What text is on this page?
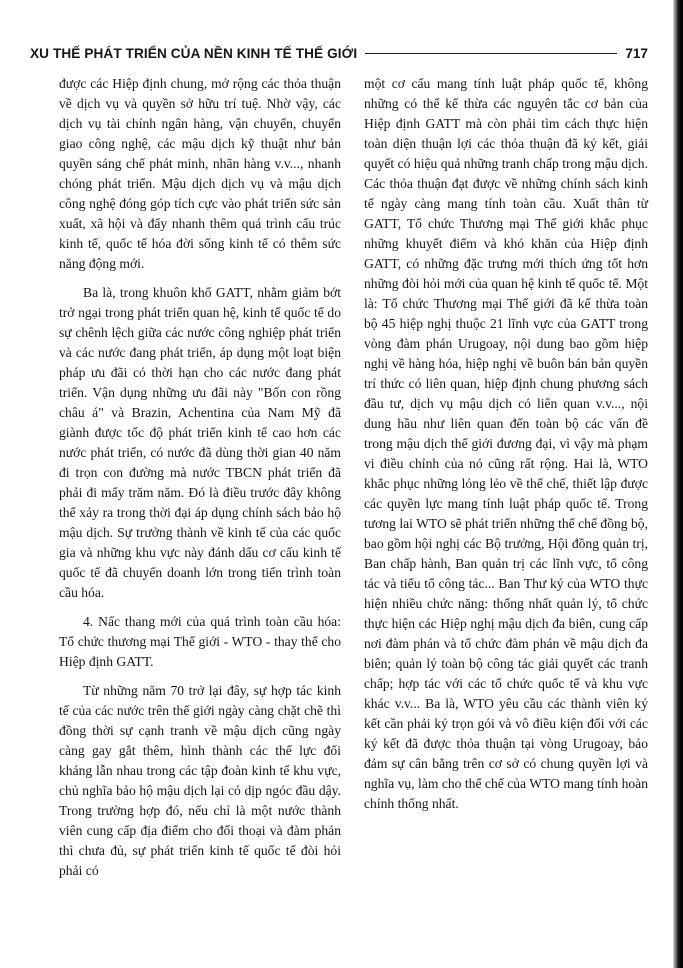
XU THẾ PHÁT TRIỂN CỦA NỀN KINH TẾ THẾ GIỚI	717

được các Hiệp định chung, mở rộng các thỏa thuận về dịch vụ và quyền sở hữu trí tuệ. Nhờ vậy, các dịch vụ tài chính ngân hàng, vận chuyển, chuyển giao công nghệ, các mậu dịch kỹ thuật như bản quyền sáng chế phát minh, nhãn hàng v.v..., nhanh chóng phát triển. Mậu dịch dịch vụ và mậu dịch công nghệ đóng góp tích cực vào phát triển sức sản xuất, xã hội và đẩy nhanh thêm quá trình cấu trúc kinh tế, quốc tế hóa đời sống kinh tế có thêm sức năng động mới.

Ba là, trong khuôn khổ GATT, nhằm giảm bớt trở ngại trong phát triển quan hệ, kinh tế quốc tế do sự chênh lệch giữa các nước công nghiệp phát triển và các nước đang phát triển, áp dụng một loạt biện pháp ưu đãi có thời hạn cho các nước đang phát triển. Vận dụng những ưu đãi này "Bốn con rồng châu á" và Brazin, Achentina của Nam Mỹ đã giành được tốc độ phát triển kinh tế cao hơn các nước phát triển, có nước đã dùng thời gian 40 năm đi trọn con đường mà nước TBCN phát triển đã phải đi mấy trăm năm. Đó là điều trước đây không thể xảy ra trong thời đại áp dụng chính sách bảo hộ mậu dịch. Sự trưởng thành về kinh tế của các quốc gia và những khu vực này đánh dấu cơ cấu kinh tế quốc tế đã chuyển doanh lớn trong tiến trình toàn cầu hóa.

4. Nấc thang mới của quá trình toàn cầu hóa: Tổ chức thương mại Thế giới - WTO - thay thế cho Hiệp định GATT.

Từ những năm 70 trở lại đây, sự hợp tác kinh tế của các nước trên thế giới ngày càng chặt chẽ thì đồng thời sự cạnh tranh về mậu dịch cũng ngày càng gay gắt thêm, hình thành các thế lực đối kháng lẫn nhau trong các tập đoàn kinh tế khu vực, chủ nghĩa bảo hộ mậu dịch lại có dịp ngóc đầu dậy. Trong trường hợp đó, nếu chỉ là một nước thành viên cung cấp địa điểm cho đối thoại và đàm phán thì chưa đủ, sự phát triển kinh tế quốc tế đòi hỏi phải có

một cơ cấu mang tính luật pháp quốc tế, không những có thể kế thừa các nguyên tắc cơ bản của Hiệp định GATT mà còn phải tìm cách thực hiện toàn diện thuận lợi các thỏa thuận đã ký kết, giải quyết có hiệu quả những tranh chấp trong mậu dịch. Các thỏa thuận đạt được về những chính sách kinh tế ngày càng mang tính toàn cầu. Xuất thân từ GATT, Tổ chức Thương mại Thế giới khắc phục những khuyết điểm và khó khăn của Hiệp định GATT, có những đặc trưng mới thích ứng tốt hơn những đòi hỏi mới của quan hệ kinh tế quốc tế. Một là: Tổ chức Thương mại Thế giới đã kế thừa toàn bộ 45 hiệp nghị thuộc 21 lĩnh vực của GATT trong vòng đàm phán Urugoay, nội dung bao gồm hiệp nghị về hàng hóa, hiệp nghị về buôn bán bản quyền trí thức có liên quan, hiệp định chung phương sách đầu tư, dịch vụ mậu dịch có liên quan v.v..., nội dung hầu như liên quan đến toàn bộ các vấn đề trong mậu dịch thế giới đương đại, vì vậy mà phạm vi điều chỉnh của nó cũng rất rộng. Hai là, WTO khắc phục những lỏng lẻo về thể chế, thiết lập được các quyền lực mang tính luật pháp quốc tế. Trong tương lai WTO sẽ phát triển những thể chế đồng bộ, bao gồm hội nghị các Bộ trưởng, Hội đồng quản trị, Ban chấp hành, Ban quản trị các lĩnh vực, tổ công tác và tiểu tổ công tác... Ban Thư ký của WTO thực hiện nhiều chức năng: thống nhất quản lý, tổ chức thực hiện các Hiệp nghị mậu dịch đa biên, cung cấp nơi đàm phán và tổ chức đàm phán về mậu dịch đa biên; quản lý toàn bộ công tác giải quyết các tranh chấp; hợp tác với các tổ chức quốc tế và khu vực khác v.v... Ba là, WTO yêu cầu các thành viên ký kết cần phải ký trọn gói và vô điều kiện đối với các ký kết đã được thỏa thuận tại vòng Urugoay, bảo đảm sự cân bằng trên cơ sở có chung quyền lợi và nghĩa vụ, làm cho thể chế của WTO mang tính hoàn chỉnh thống nhất.
